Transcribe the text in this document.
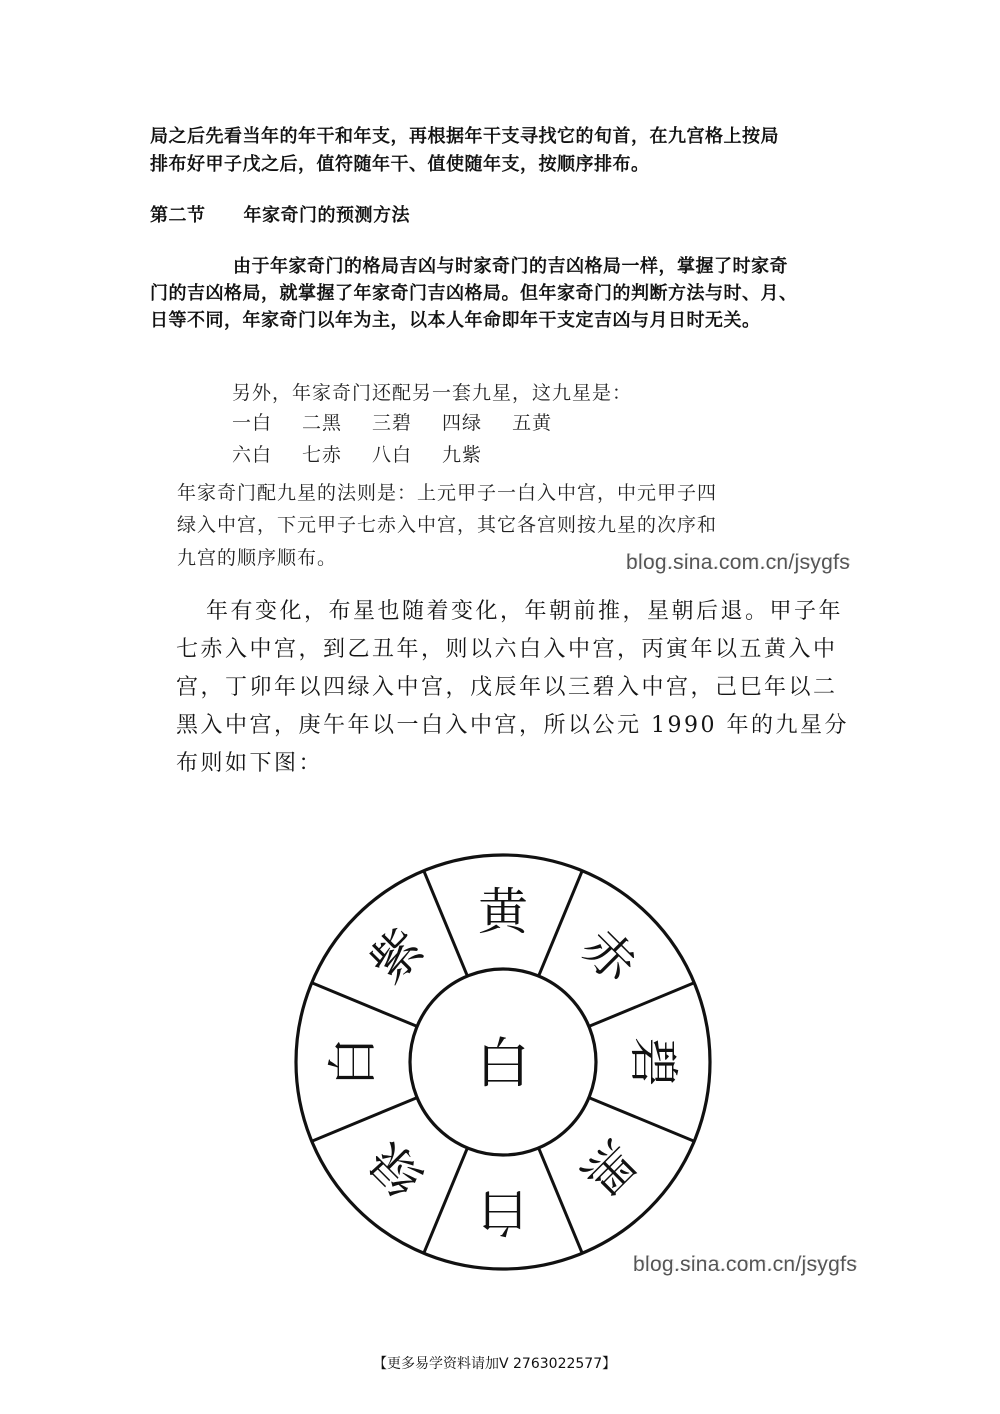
局之后先看当年的年干和年支，再根据年干支寻找它的旬首，在九宫格上按局

排布好甲子戊之后，值符随年干、值使随年支，按顺序排布。

第二节 年家奇门的预测方法

由于年家奇门的格局吉凶与时家奇门的吉凶格局一样，掌握了时家奇

门的吉凶格局，就掌握了年家奇门吉凶格局。但年家奇门的判断方法与时、月、

日等不同，年家奇门以年为主，以本人年命即年干支定吉凶与月日时无关。

另外，年家奇门还配另一套九星，这九星是：

一白 二黑 三碧 四绿 五黄

六白 七赤 八白 九紫

年家奇门配九星的法则是：上元甲子一白入中宫，中元甲子四

绿入中宫，下元甲子七赤入中宫，其它各宫则按九星的次序和

九宫的顺序顺布。	blog.sina.com.cn/jsygfs

年有变化，布星也随着变化，年朝前推，星朝后退。甲子年

七赤入中宫，到乙丑年，则以六白入中宫，丙寅年以五黄入中

宫，丁卯年以四绿入中宫，戊辰年以三碧入中宫，己巳年以二

黑入中宫，庚午年以一白入中宫，所以公元 1990 年的九星分

布则如下图：

白
黄
赤
碧
黑
白
绿
白
紫
blog.sina.com.cn/jsygfs
【更多易学资料请加V 2763022577】
